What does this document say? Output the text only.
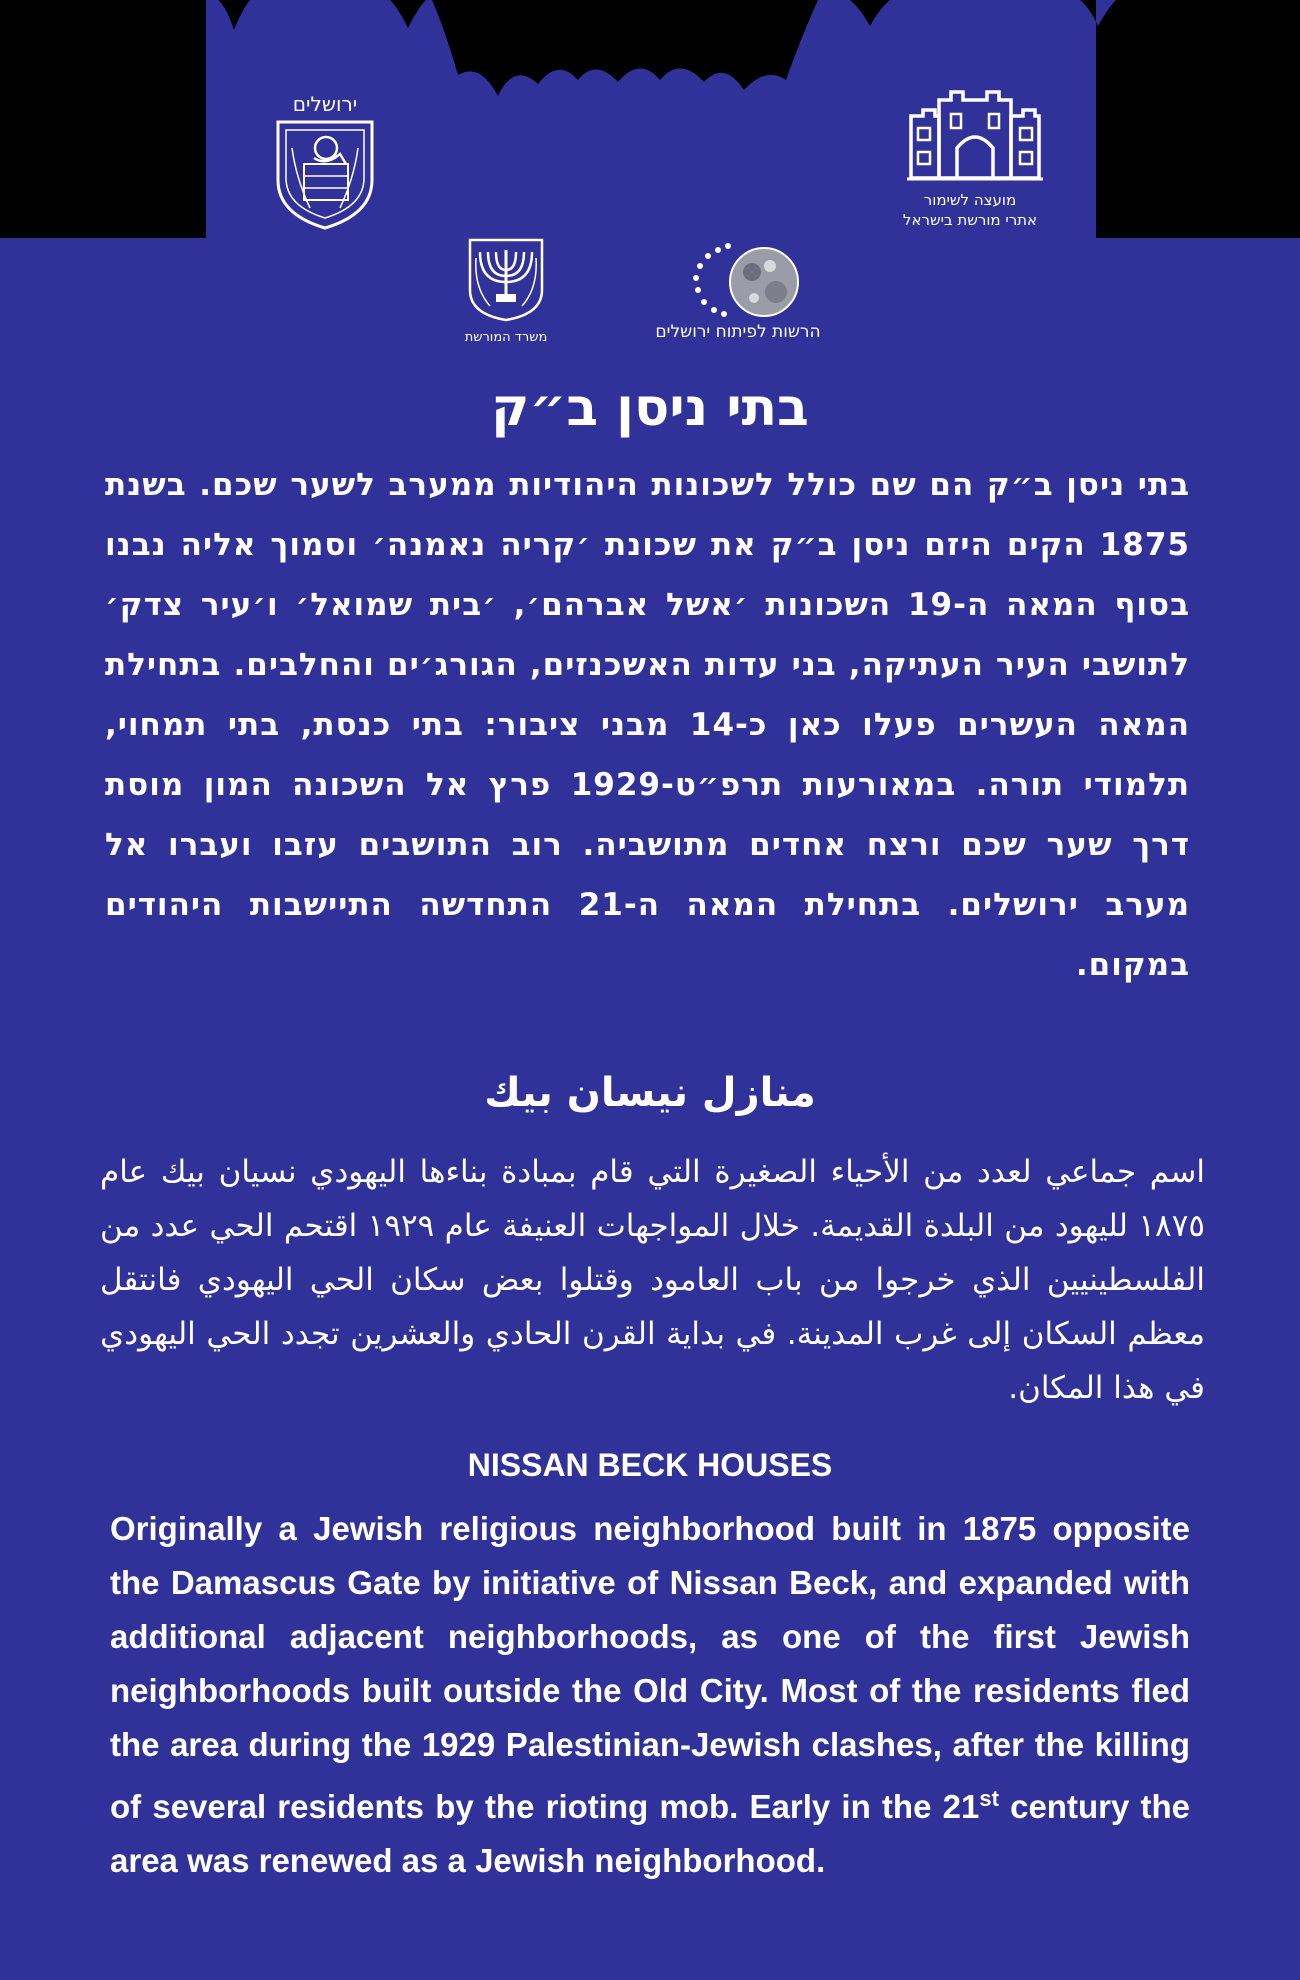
ירושלים
מועצה לשימור
אתרי מורשת בישראל
משרד המורשת	הרשות לפיתוח ירושלים
בתי ניסן ב״ק

בתי ניסן ב״ק הם שם כולל לשכונות היהודיות ממערב לשער שכם. בשנת 1875 הקים היזם ניסן ב״ק את שכונת ׳קריה נאמנה׳ וסמוך אליה נבנו בסוף המאה ה-19 השכונות ׳אשל אברהם׳, ׳בית שמואל׳ ו׳עיר צדק׳ לתושבי העיר העתיקה, בני עדות האשכנזים, הגורג׳ים והחלבים. בתחילת המאה העשרים פעלו כאן כ-14 מבני ציבור: בתי כנסת, בתי תמחוי, תלמודי תורה. במאורעות תרפ״ט-1929 פרץ אל השכונה המון מוסת דרך שער שכם ורצח אחדים מתושביה. רוב התושבים עזבו ועברו אל מערב ירושלים. בתחילת המאה ה-21 התחדשה התיישבות היהודים במקום.

منازل نيسان بيك

اسم جماعي لعدد من الأحياء الصغيرة التي قام بمبادة بناءها اليهودي نسيان بيك عام ١٨٧٥ لليهود من البلدة القديمة. خلال المواجهات العنيفة عام ١٩٢٩ اقتحم الحي عدد من الفلسطينيين الذي خرجوا من باب العامود وقتلوا بعض سكان الحي اليهودي فانتقل معظم السكان إلى غرب المدينة. في بداية القرن الحادي والعشرين تجدد الحي اليهودي في هذا المكان.

NISSAN BECK HOUSES

Originally a Jewish religious neighborhood built in 1875 opposite the Damascus Gate by initiative of Nissan Beck, and expanded with additional adjacent neighborhoods, as one of the first Jewish neighborhoods built outside the Old City. Most of the residents fled the area during the 1929 Palestinian-Jewish clashes, after the killing of several residents by the rioting mob. Early in the 21st century the area was renewed as a Jewish neighborhood.
